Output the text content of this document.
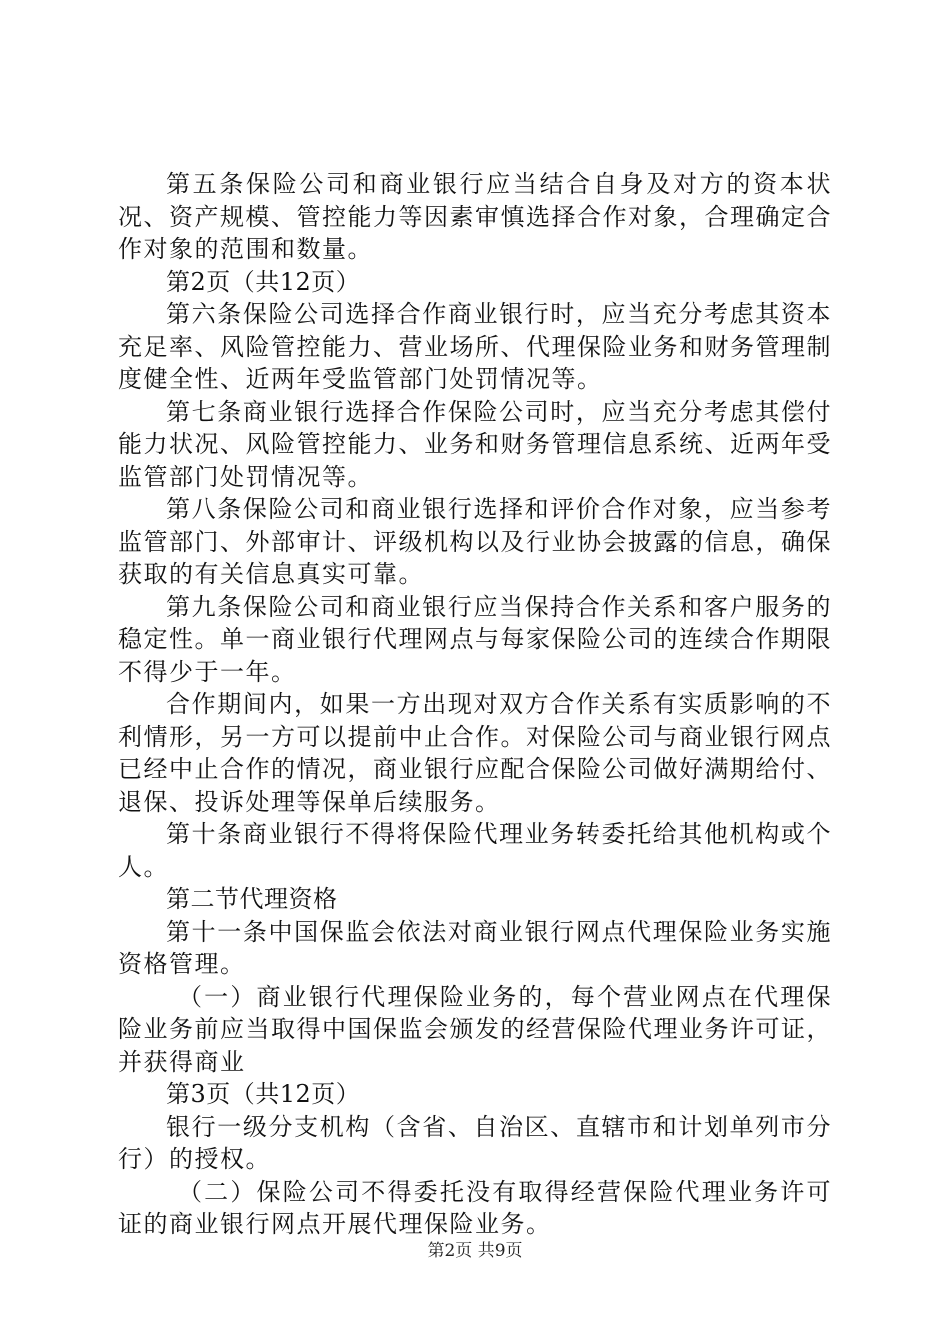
第五条保险公司和商业银行应当结合自身及对方的资本状况、资产规模、管控能力等因素审慎选择合作对象，合理确定合作对象的范围和数量。

第2页（共12页）

第六条保险公司选择合作商业银行时，应当充分考虑其资本充足率、风险管控能力、营业场所、代理保险业务和财务管理制度健全性、近两年受监管部门处罚情况等。

第七条商业银行选择合作保险公司时，应当充分考虑其偿付能力状况、风险管控能力、业务和财务管理信息系统、近两年受监管部门处罚情况等。

第八条保险公司和商业银行选择和评价合作对象，应当参考监管部门、外部审计、评级机构以及行业协会披露的信息，确保获取的有关信息真实可靠。

第九条保险公司和商业银行应当保持合作关系和客户服务的稳定性。单一商业银行代理网点与每家保险公司的连续合作期限不得少于一年。

合作期间内，如果一方出现对双方合作关系有实质影响的不利情形，另一方可以提前中止合作。对保险公司与商业银行网点已经中止合作的情况，商业银行应配合保险公司做好满期给付、退保、投诉处理等保单后续服务。

第十条商业银行不得将保险代理业务转委托给其他机构或个人。

第二节代理资格

第十一条中国保监会依法对商业银行网点代理保险业务实施资格管理。

（一）商业银行代理保险业务的，每个营业网点在代理保险业务前应当取得中国保监会颁发的经营保险代理业务许可证，并获得商业

第3页（共12页）

银行一级分支机构（含省、自治区、直辖市和计划单列市分行）的授权。

（二）保险公司不得委托没有取得经营保险代理业务许可证的商业银行网点开展代理保险业务。

第2页 共9页
